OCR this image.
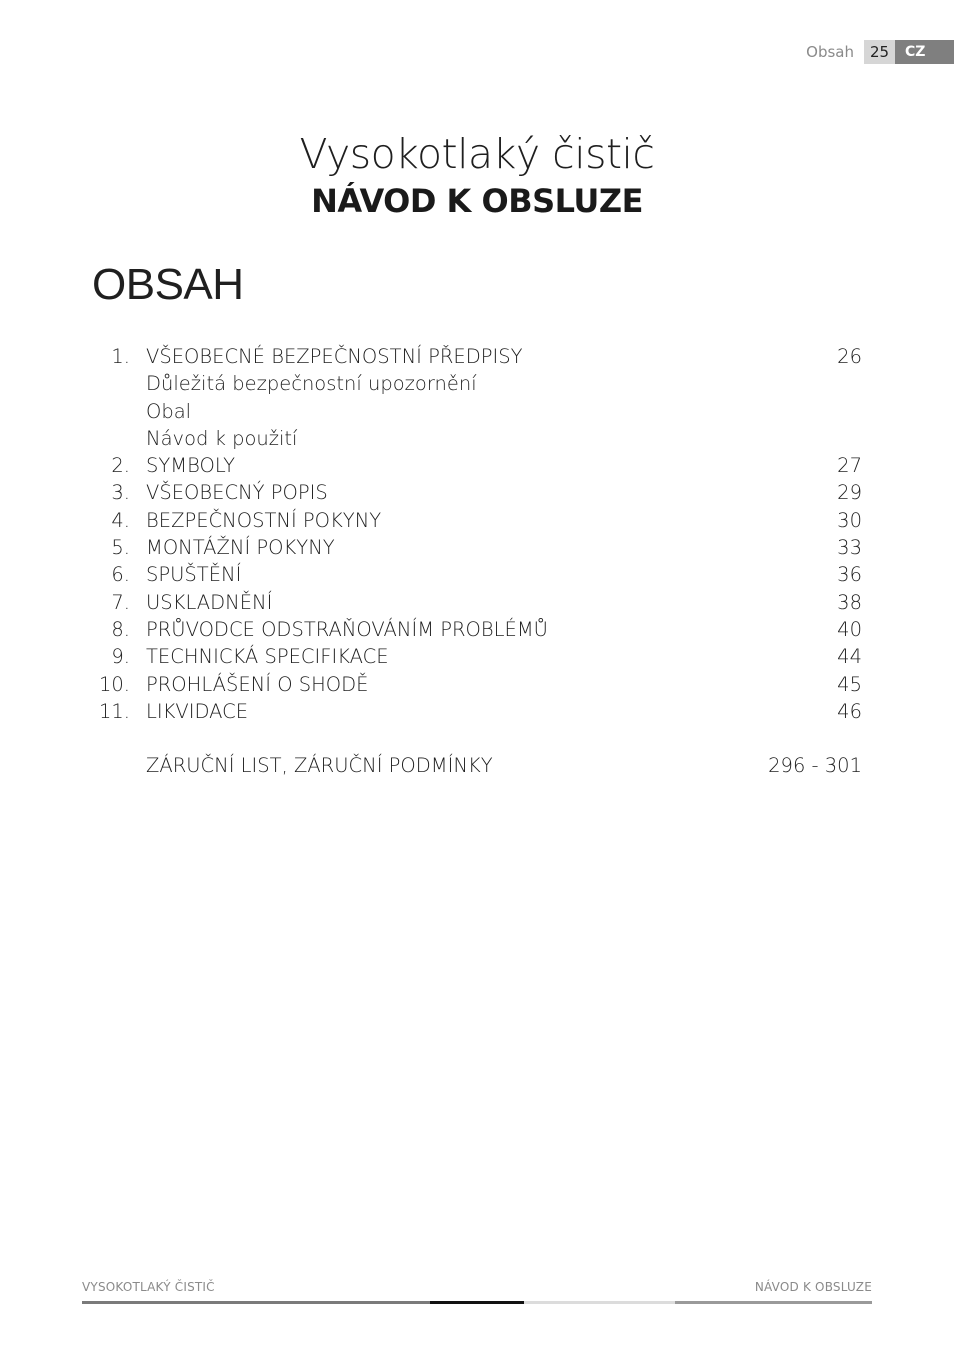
Obsah	25	CZ
Vysokotlaký čistič
NÁVOD K OBSLUZE
OBSAH
1. VŠEOBECNÉ BEZPEČNOSTNÍ PŘEDPISY	26
Důležitá bezpečnostní upozornění
Obal
Návod k použití
2. SYMBOLY	27
3. VŠEOBECNÝ POPIS	29
4. BEZPEČNOSTNÍ POKYNY	30
5. MONTÁŽNÍ POKYNY	33
6. SPUŠTĚNÍ	36
7. USKLADNĚNÍ	38
8. PRŮVODCE ODSTRAŇOVÁNÍM PROBLÉMŮ	40
9. TECHNICKÁ SPECIFIKACE	44
10. PROHLÁŠENÍ O SHODĚ	45
11. LIKVIDACE	46
ZÁRUČNÍ LIST, ZÁRUČNÍ PODMÍNKY	296 - 301
VYSOKOTLAKÝ ČISTIČ	NÁVOD K OBSLUZE
